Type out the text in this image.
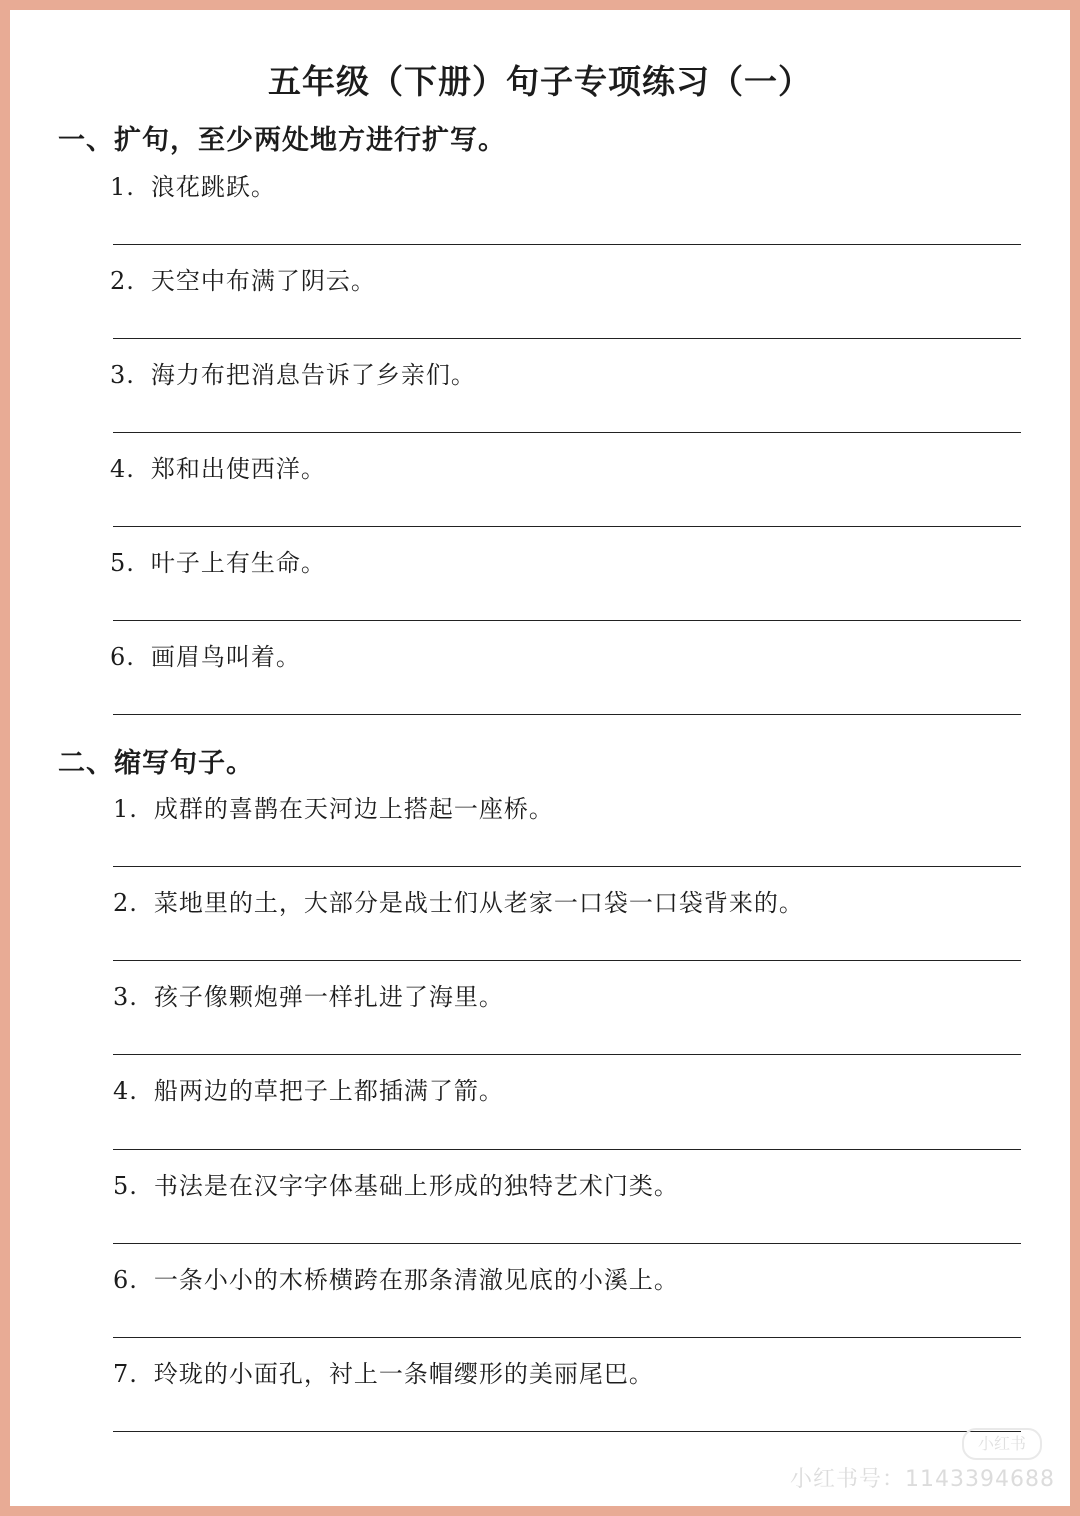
五年级（下册）句子专项练习（一）
一、扩句，至少两处地方进行扩写。
1. 浪花跳跃。
2. 天空中布满了阴云。
3. 海力布把消息告诉了乡亲们。
4. 郑和出使西洋。
5. 叶子上有生命。
6. 画眉鸟叫着。
二、缩写句子。
1. 成群的喜鹊在天河边上搭起一座桥。
2. 菜地里的土，大部分是战士们从老家一口袋一口袋背来的。
3. 孩子像颗炮弹一样扎进了海里。
4. 船两边的草把子上都插满了箭。
5. 书法是在汉字字体基础上形成的独特艺术门类。
6. 一条小小的木桥横跨在那条清澈见底的小溪上。
7. 玲珑的小面孔，衬上一条帽缨形的美丽尾巴。
小红书
小红书号：1143394688
